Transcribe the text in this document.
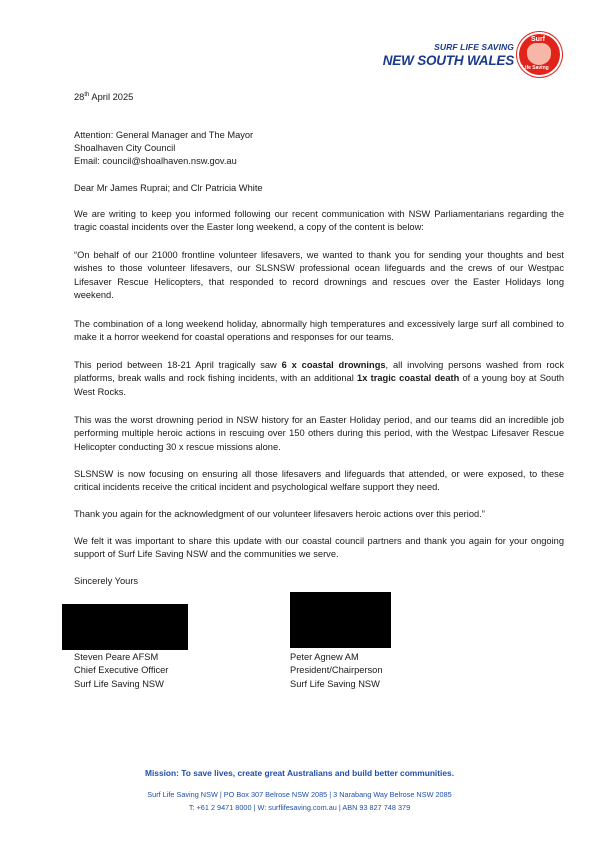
SURF LIFE SAVING
NEW SOUTH WALES
Surf
Life Saving
28th April 2025
Attention: General Manager and The Mayor
Shoalhaven City Council
Email: council@shoalhaven.nsw.gov.au
Dear Mr James Ruprai; and Clr Patricia White
We are writing to keep you informed following our recent communication with NSW Parliamentarians regarding the tragic coastal incidents over the Easter long weekend, a copy of the content is below:
“On behalf of our 21000 frontline volunteer lifesavers, we wanted to thank you for sending your thoughts and best wishes to those volunteer lifesavers, our SLSNSW professional ocean lifeguards and the crews of our Westpac Lifesaver Rescue Helicopters, that responded to record drownings and rescues over the Easter Holidays long weekend.
The combination of a long weekend holiday, abnormally high temperatures and excessively large surf all combined to make it a horror weekend for coastal operations and responses for our teams.
This period between 18-21 April tragically saw 6 x coastal drownings, all involving persons washed from rock platforms, break walls and rock fishing incidents, with an additional 1x tragic coastal death of a young boy at South West Rocks.
This was the worst drowning period in NSW history for an Easter Holiday period, and our teams did an incredible job performing multiple heroic actions in rescuing over 150 others during this period, with the Westpac Lifesaver Rescue Helicopter conducting 30 x rescue missions alone.
SLSNSW is now focusing on ensuring all those lifesavers and lifeguards that attended, or were exposed, to these critical incidents receive the critical incident and psychological welfare support they need.
Thank you again for the acknowledgment of our volunteer lifesavers heroic actions over this period.”
We felt it was important to share this update with our coastal council partners and thank you again for your ongoing support of Surf Life Saving NSW and the communities we serve.
Sincerely Yours
Steven Peare AFSM
Chief Executive Officer
Surf Life Saving NSW
Peter Agnew AM
President/Chairperson
Surf Life Saving NSW
Mission: To save lives, create great Australians and build better communities.
Surf Life Saving NSW | PO Box 307 Belrose NSW 2085 | 3 Narabang Way Belrose NSW 2085
T: +61 2 9471 8000 | W: surflifesaving.com.au | ABN 93 827 748 379
